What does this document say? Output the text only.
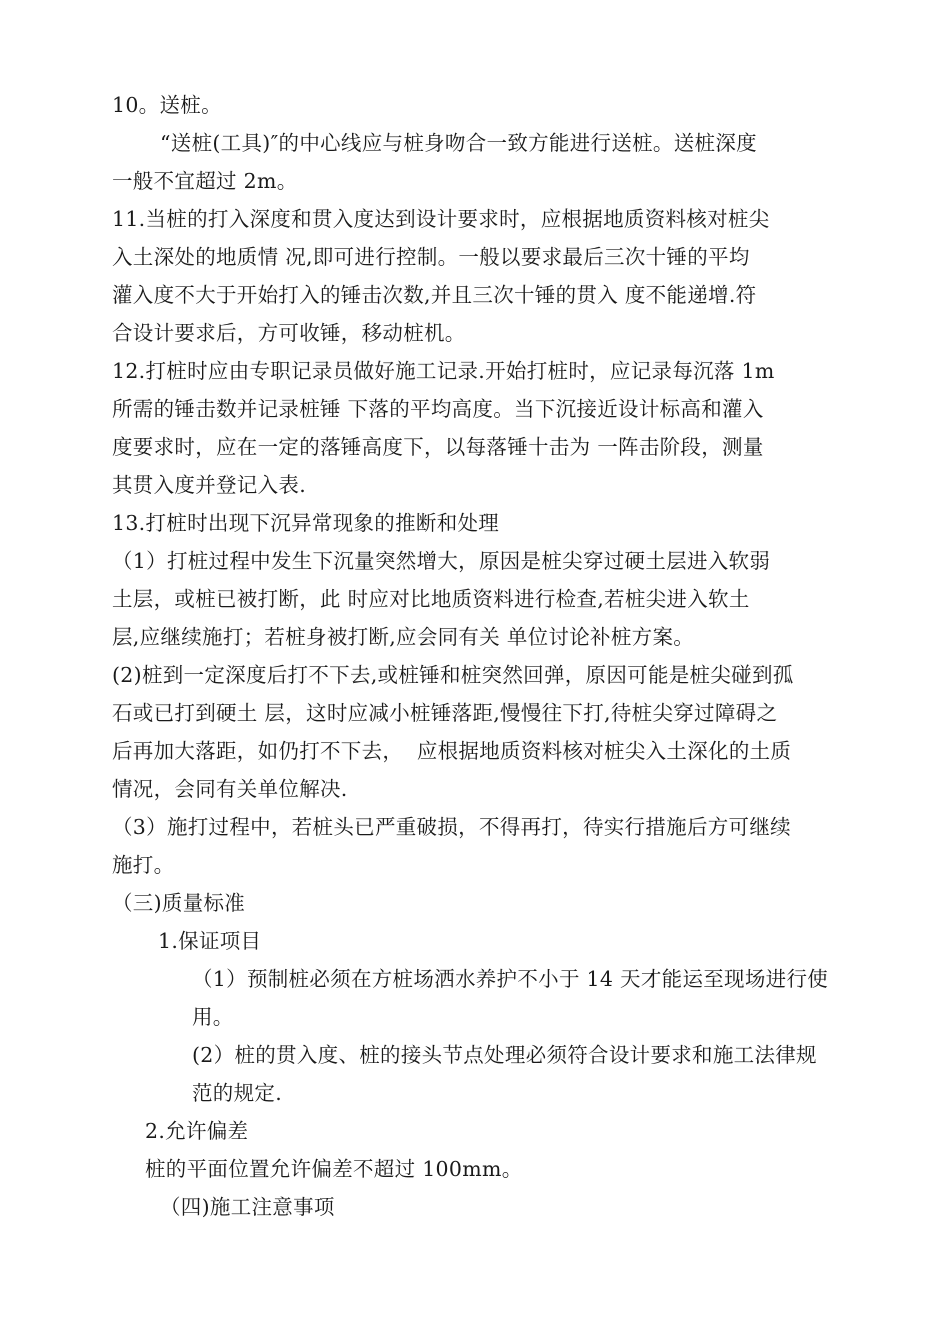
10。送桩。
“送桩(工具)″的中心线应与桩身吻合一致方能进行送桩。送桩深度
一般不宜超过 2m。
11.当桩的打入深度和贯入度达到设计要求时，应根据地质资料核对桩尖
入土深处的地质情 况,即可进行控制。一般以要求最后三次十锤的平均
灌入度不大于开始打入的锤击次数,并且三次十锤的贯入 度不能递增.符
合设计要求后，方可收锤，移动桩机。
12.打桩时应由专职记录员做好施工记录.开始打桩时，应记录每沉落 1m
所需的锤击数并记录桩锤 下落的平均高度。当下沉接近设计标高和灌入
度要求时，应在一定的落锤高度下，以每落锤十击为 一阵击阶段，测量
其贯入度并登记入表.
13.打桩时出现下沉异常现象的推断和处理
（1）打桩过程中发生下沉量突然增大，原因是桩尖穿过硬土层进入软弱
土层，或桩已被打断，此 时应对比地质资料进行检查,若桩尖进入软土
层,应继续施打；若桩身被打断,应会同有关 单位讨论补桩方案。
(2)桩到一定深度后打不下去,或桩锤和桩突然回弹，原因可能是桩尖碰到孤
石或已打到硬土 层，这时应减小桩锤落距,慢慢往下打,待桩尖穿过障碍之
后再加大落距，如仍打不下去，  应根据地质资料核对桩尖入土深化的土质
情况，会同有关单位解决.
（3）施打过程中，若桩头已严重破损，不得再打，待实行措施后方可继续
施打。
（三)质量标准
1.保证项目
（1）预制桩必须在方桩场洒水养护不小于 14 天才能运至现场进行使
用。
(2）桩的贯入度、桩的接头节点处理必须符合设计要求和施工法律规
范的规定.
2.允许偏差
桩的平面位置允许偏差不超过 100mm。
（四)施工注意事项
